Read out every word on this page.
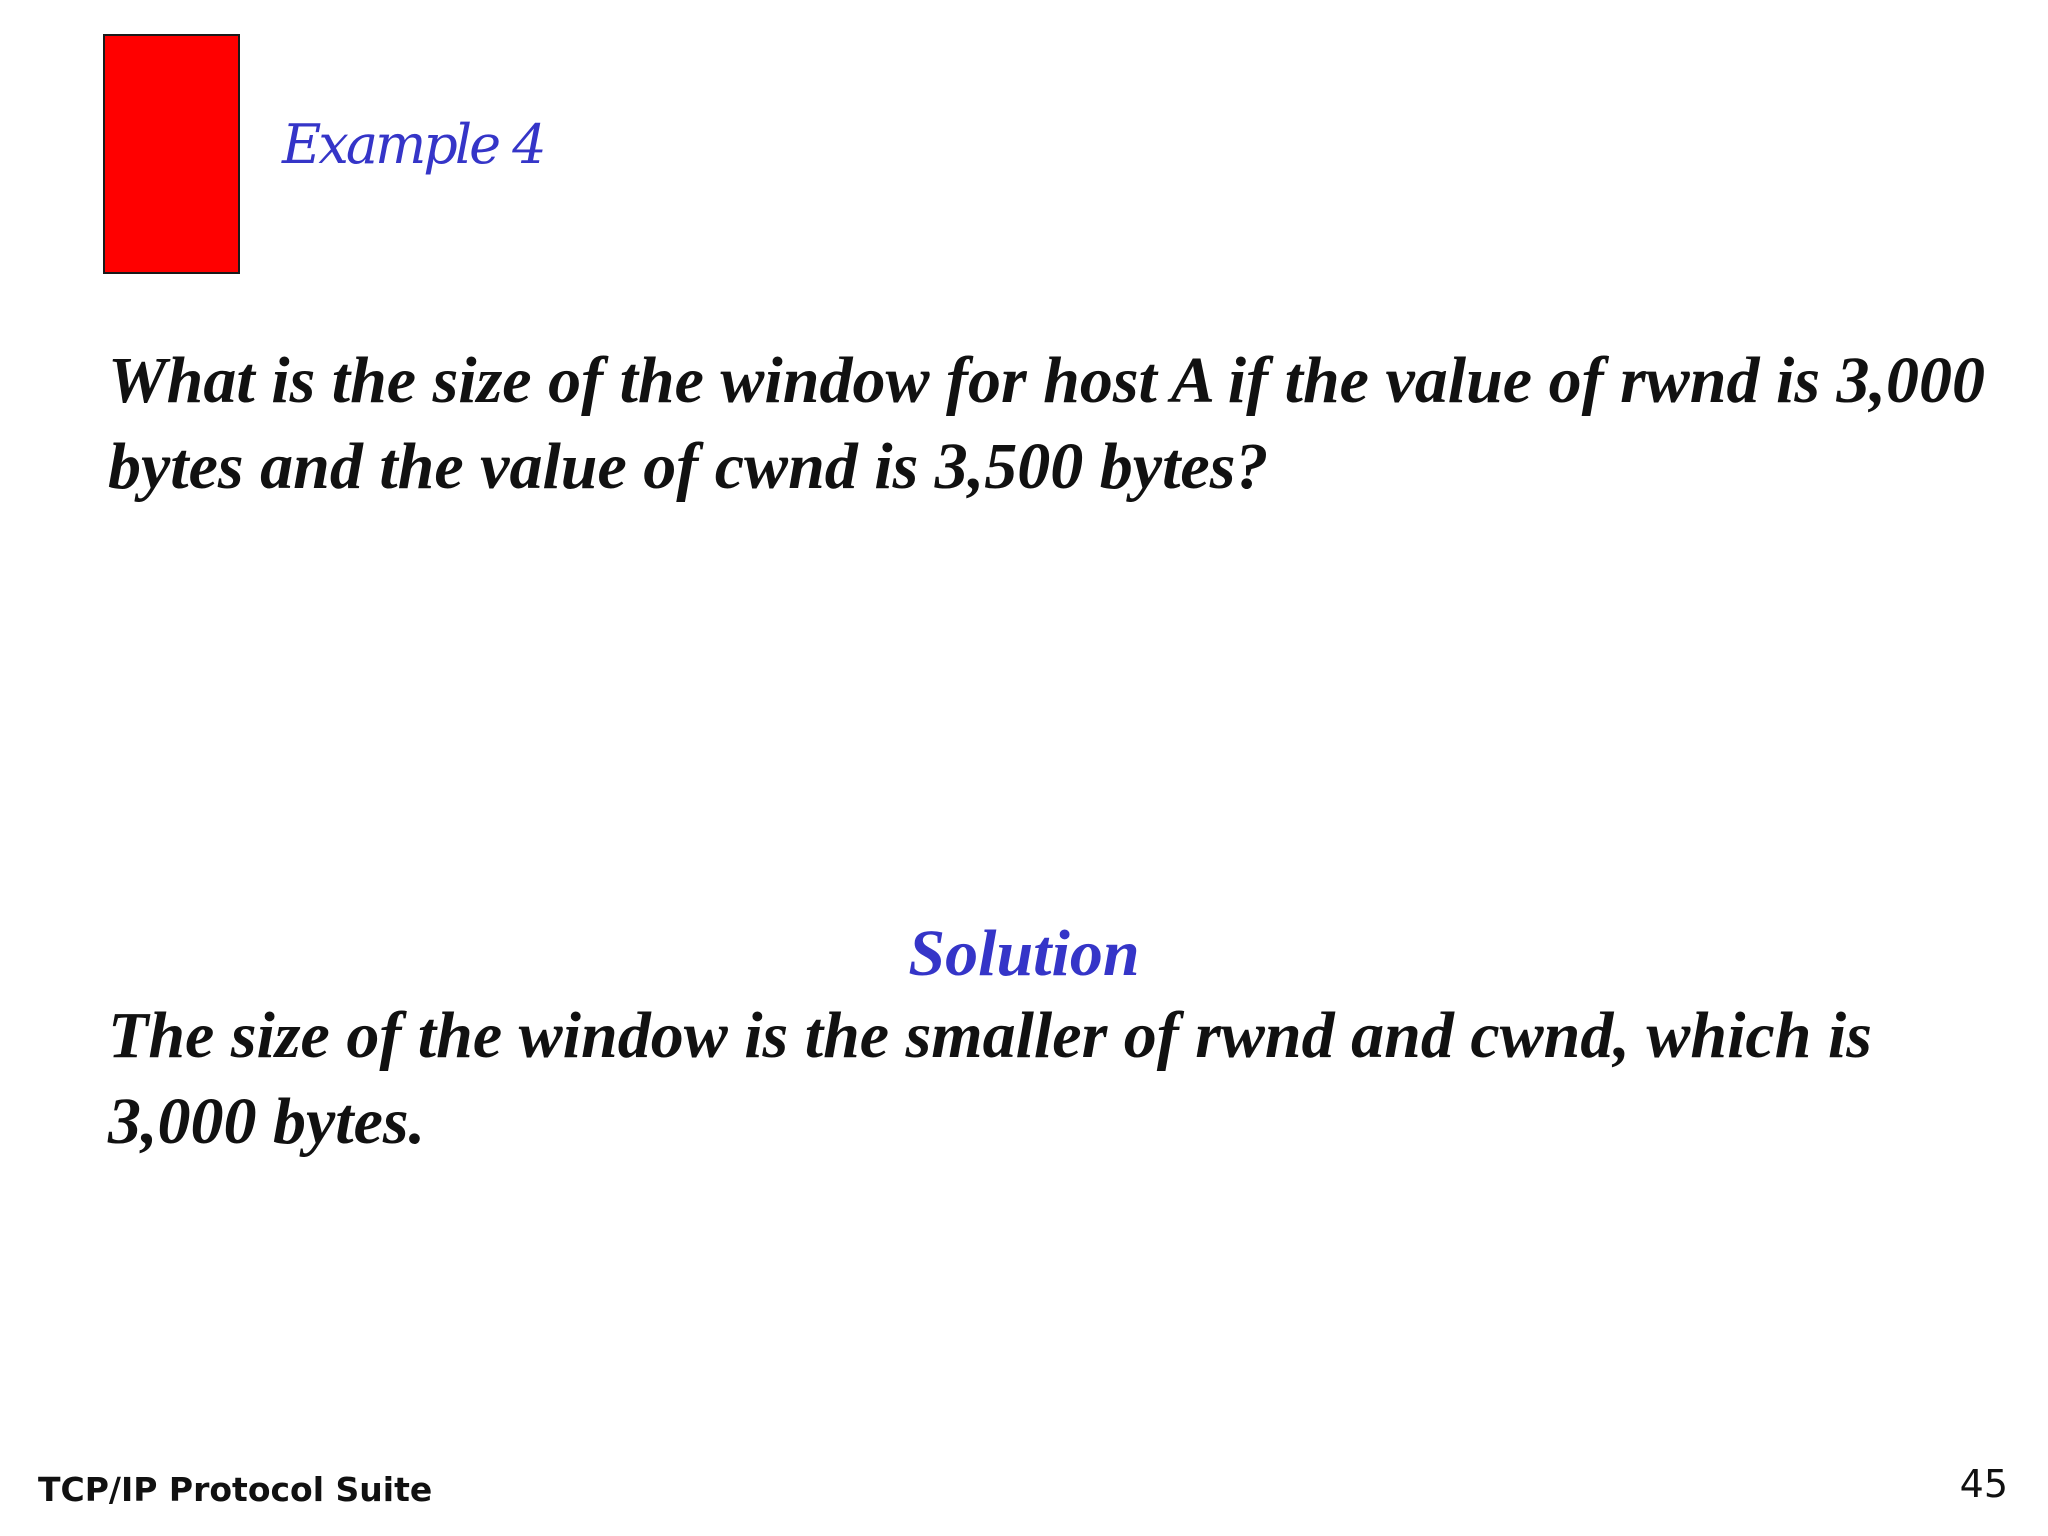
Example 4

What is the size of the window for host A if the value of rwnd is 3,000 bytes and the value of cwnd is 3,500 bytes?

Solution

The size of the window is the smaller of rwnd and cwnd, which is 3,000 bytes.

TCP/IP Protocol Suite	45
